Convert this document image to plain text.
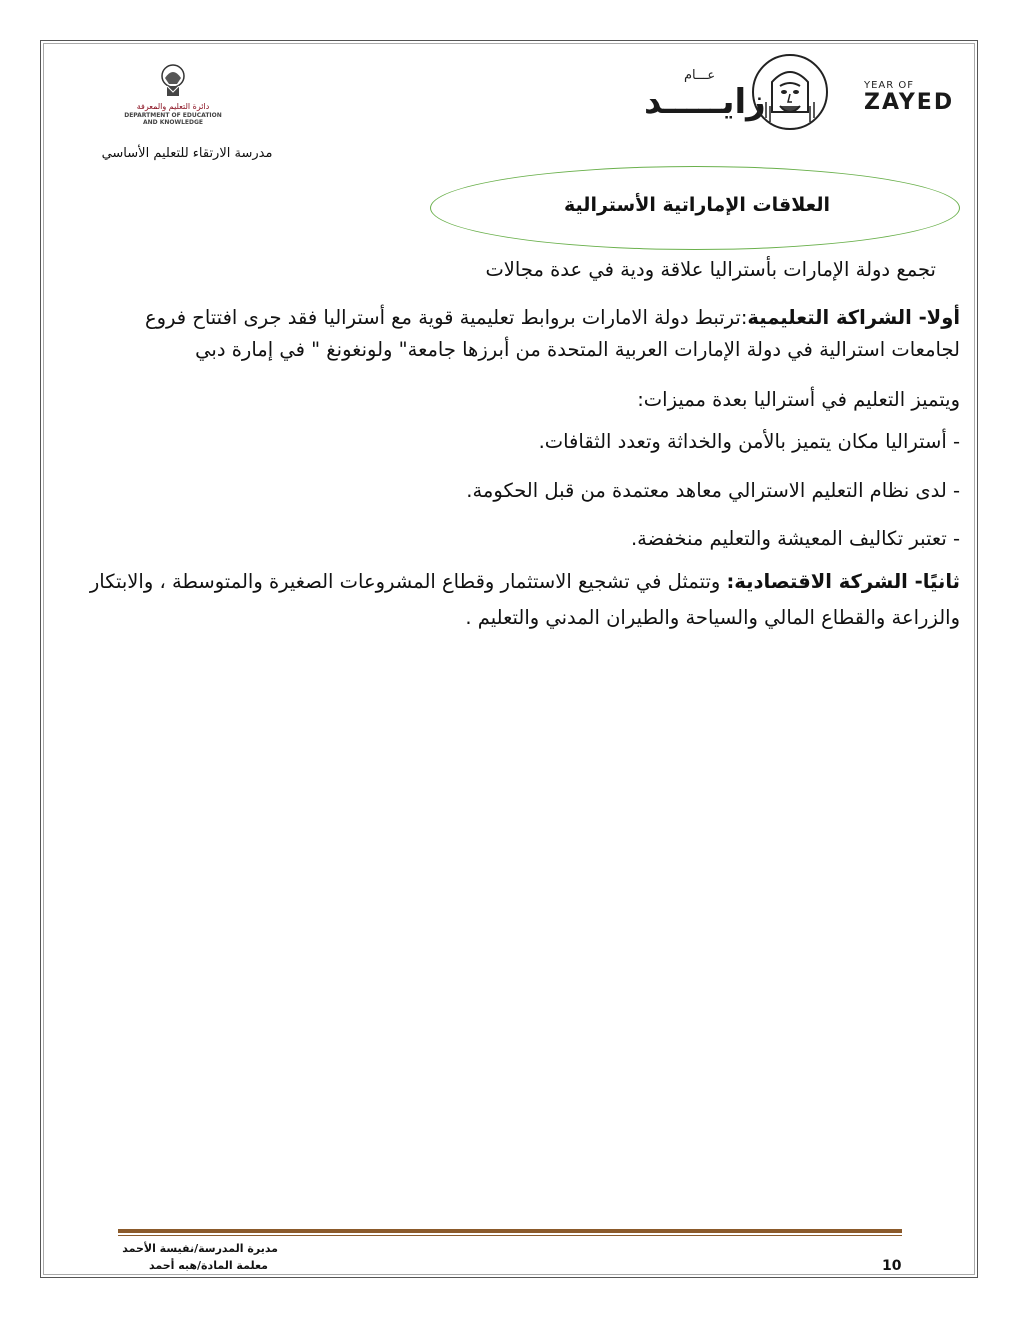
دائرة التعليم والمعرفة
DEPARTMENT OF EDUCATION
AND KNOWLEDGE
مدرسة الارتقاء للتعليم الأساسي
عـــام
زايـــــد	YEAR OF
ZAYED
العلاقات الإماراتية الأسترالية
تجمع دولة الإمارات بأستراليا علاقة ودية في عدة مجالات
أولا- الشراكة التعليمية:ترتبط دولة الامارات بروابط تعليمية قوية مع أستراليا فقد جرى افتتاح فروع
لجامعات استرالية في دولة الإمارات العربية المتحدة من أبرزها جامعة" ولونغونغ " في إمارة دبي
ويتميز التعليم في أستراليا بعدة مميزات:
- أستراليا مكان يتميز بالأمن والخداثة وتعدد الثقافات.
- لدى نظام التعليم الاسترالي معاهد معتمدة من قبل الحكومة.
- تعتبر تكاليف المعيشة والتعليم منخفضة.
ثانيًا- الشركة الاقتصادية: وتتمثل في تشجيع الاستثمار وقطاع المشروعات الصغيرة والمتوسطة ، والابتكار
والزراعة والقطاع المالي والسياحة والطيران المدني والتعليم .
مديرة المدرسة/نفيسة الأحمد
معلمة المادة/هبه أحمد	10
